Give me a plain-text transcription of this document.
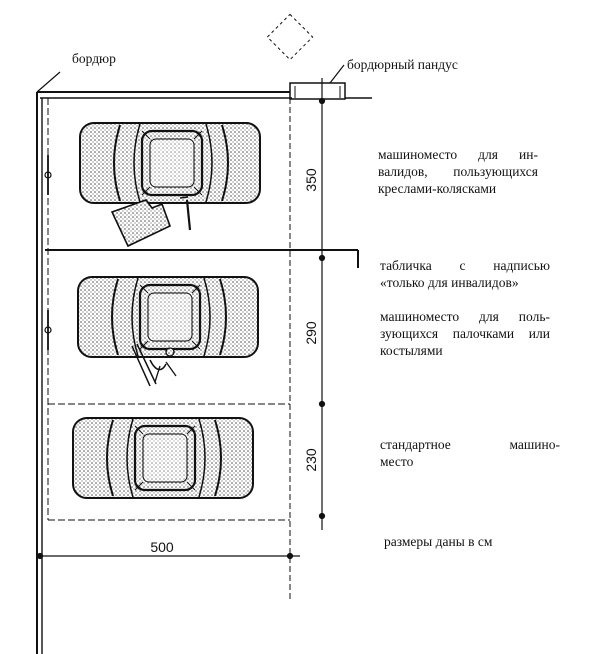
350
290
230
500
бордюр	бордюрный пандус
машиноместо для ин-
валидов, пользующихся
креслами-колясками
табличка с надписью
«только для инвалидов»
машиноместо для поль-
зующихся палочками или
костылями
стандартное машино-
место
размеры даны в см
